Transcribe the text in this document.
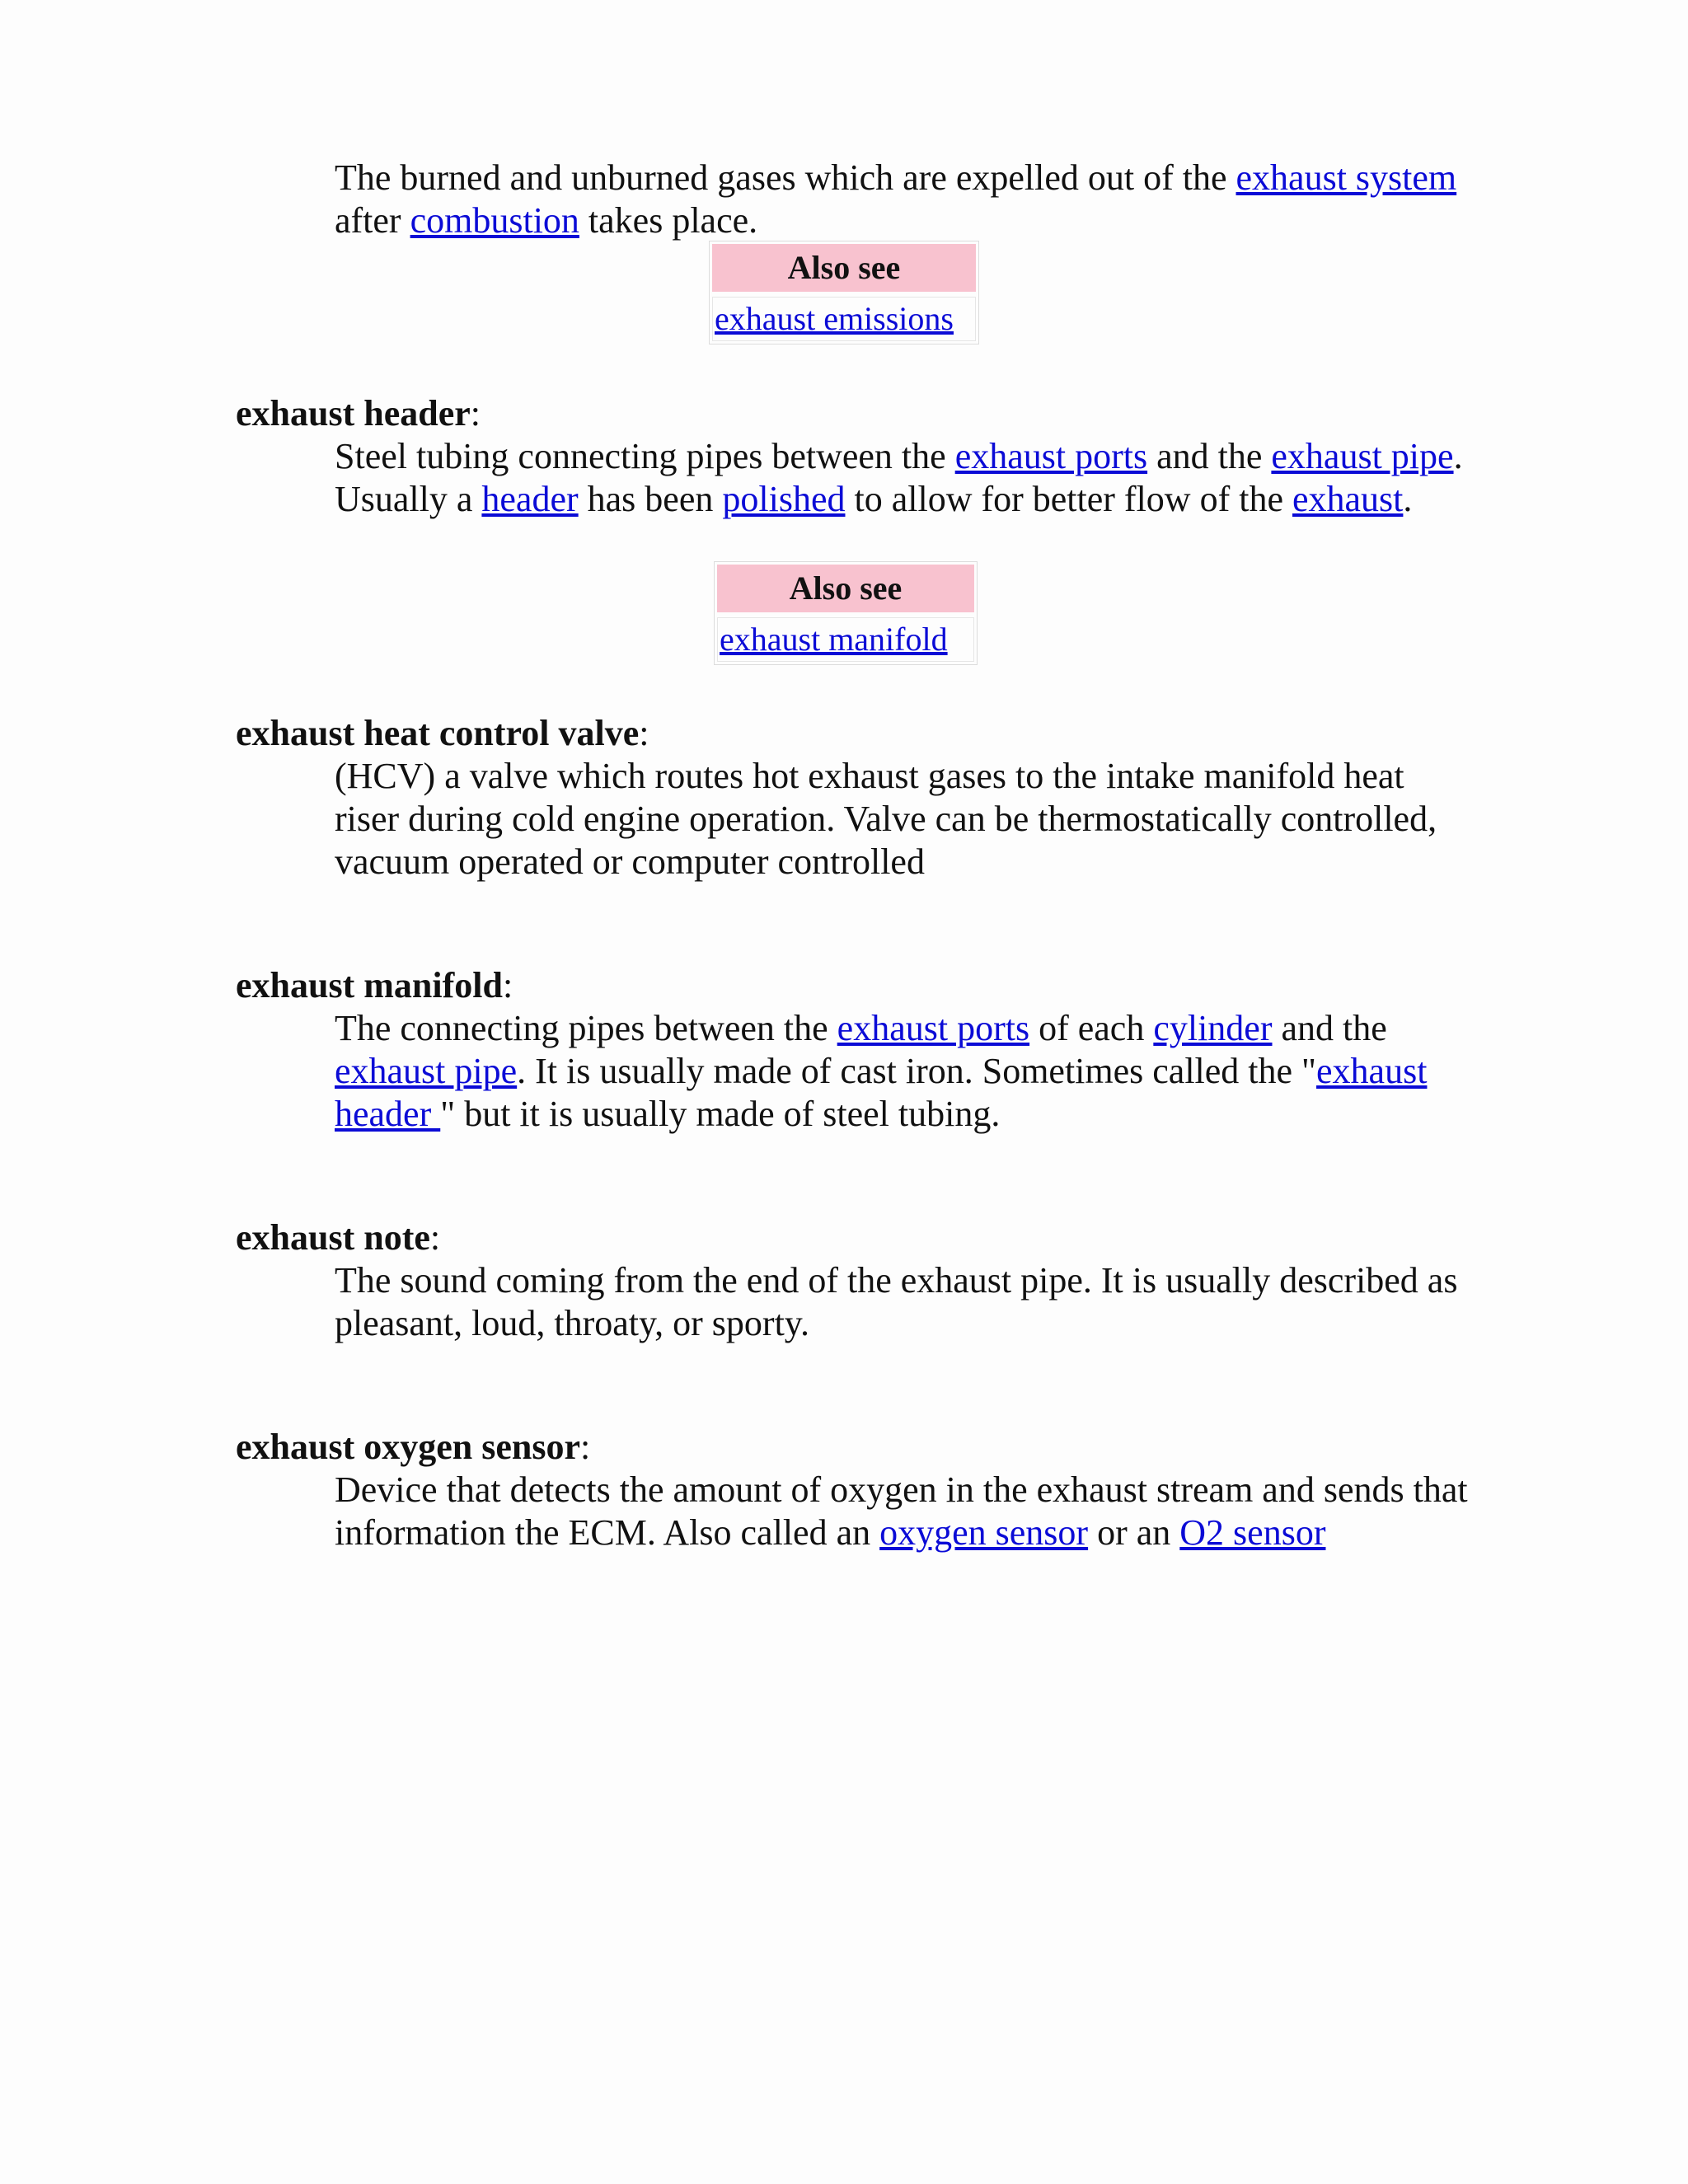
The burned and unburned gases which are expelled out of the exhaust system after combustion takes place.
Also see
exhaust emissions
exhaust header:
Steel tubing connecting pipes between the exhaust ports and the exhaust pipe. Usually a header has been polished to allow for better flow of the exhaust.
Also see
exhaust manifold
exhaust heat control valve:
(HCV) a valve which routes hot exhaust gases to the intake manifold heat riser during cold engine operation. Valve can be thermostatically controlled, vacuum operated or computer controlled
exhaust manifold:
The connecting pipes between the exhaust ports of each cylinder and the exhaust pipe. It is usually made of cast iron. Sometimes called the "exhaust header " but it is usually made of steel tubing.
exhaust note:
The sound coming from the end of the exhaust pipe. It is usually described as pleasant, loud, throaty, or sporty.
exhaust oxygen sensor:
Device that detects the amount of oxygen in the exhaust stream and sends that information the ECM. Also called an oxygen sensor or an O2 sensor
